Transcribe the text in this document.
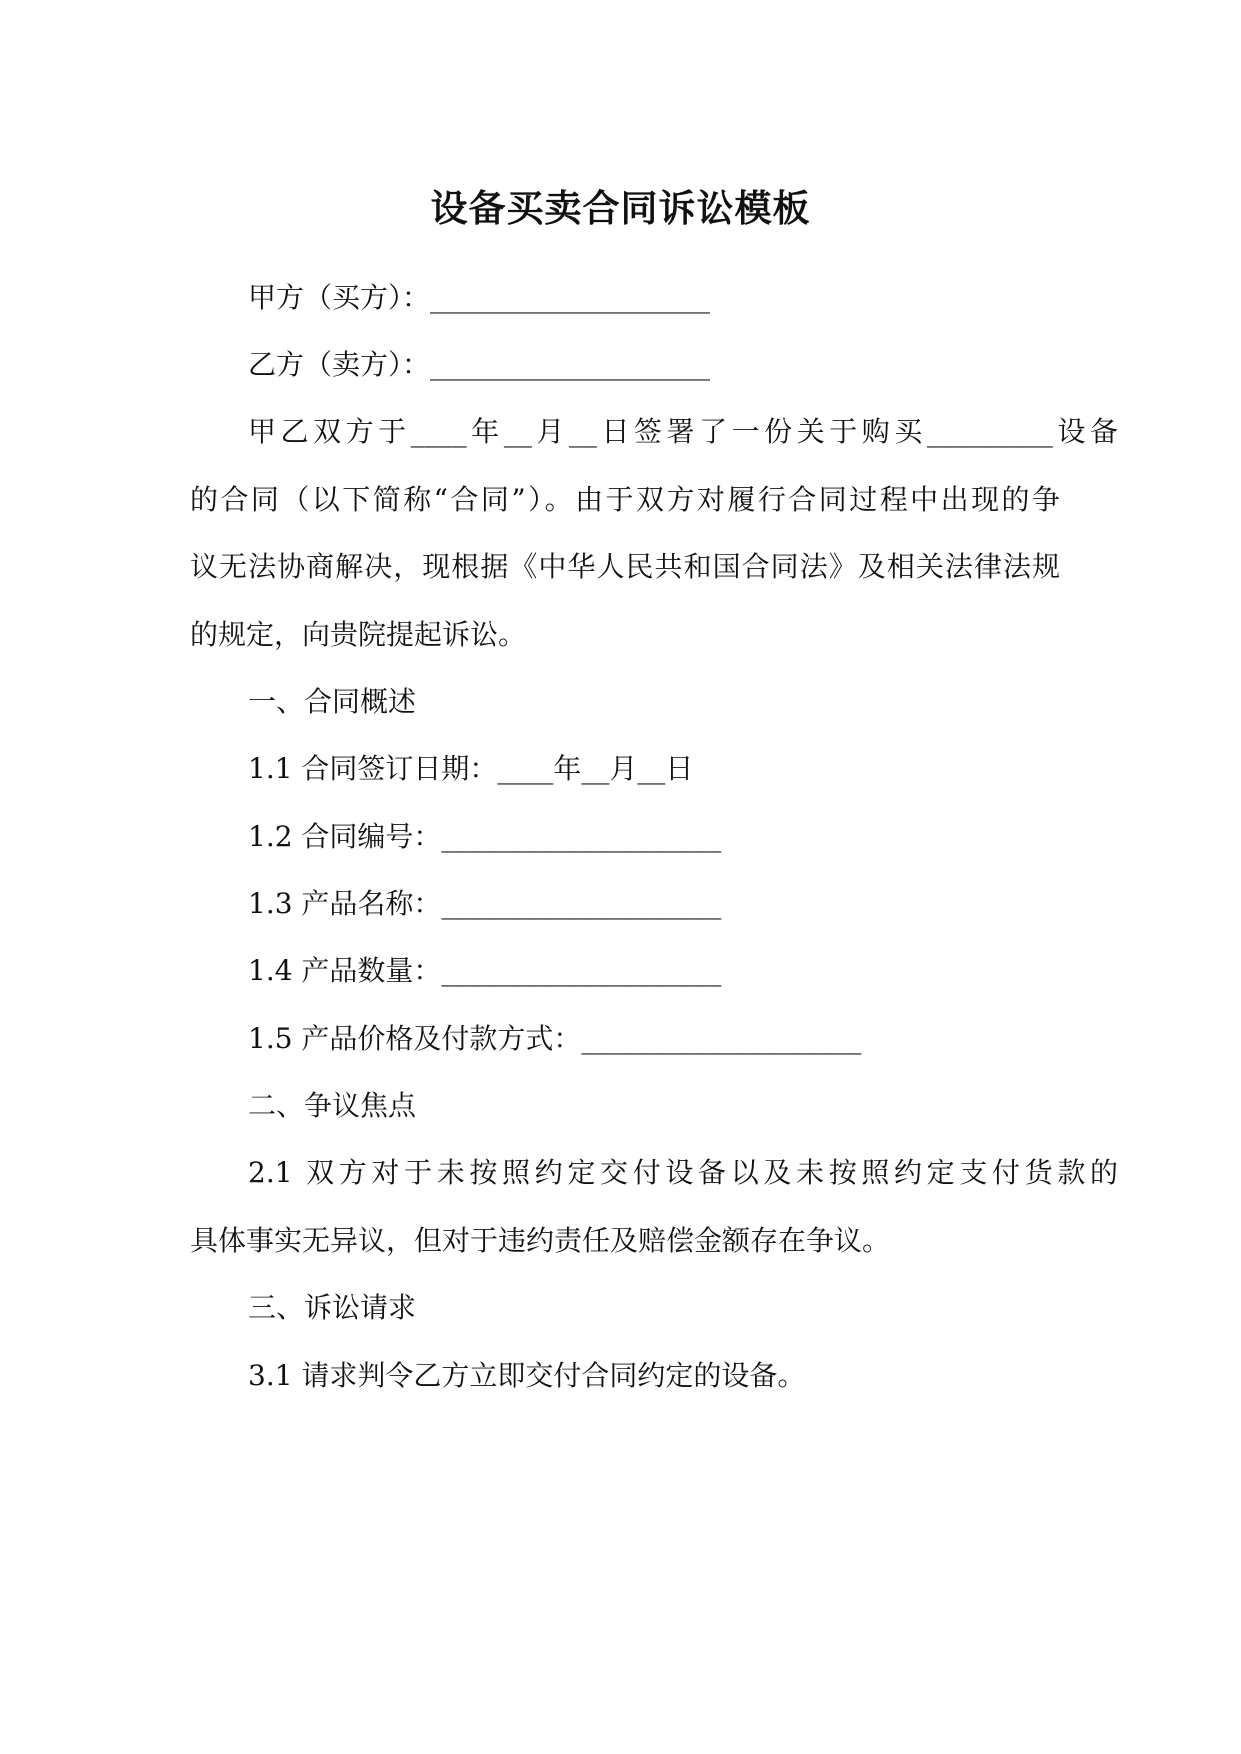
设备买卖合同诉讼模板
甲方（买方）：____________________
乙方（卖方）：____________________
甲乙双方于____年__月__日签署了一份关于购买_________设备
的合同（以下简称“合同”）。由于双方对履行合同过程中出现的争
议无法协商解决，现根据《中华人民共和国合同法》及相关法律法规
的规定，向贵院提起诉讼。
一、合同概述
1.1 合同签订日期：____年__月__日
1.2 合同编号：____________________
1.3 产品名称：____________________
1.4 产品数量：____________________
1.5 产品价格及付款方式：____________________
二、争议焦点
2.1 双方对于未按照约定交付设备以及未按照约定支付货款的
具体事实无异议，但对于违约责任及赔偿金额存在争议。
三、诉讼请求
3.1 请求判令乙方立即交付合同约定的设备。
